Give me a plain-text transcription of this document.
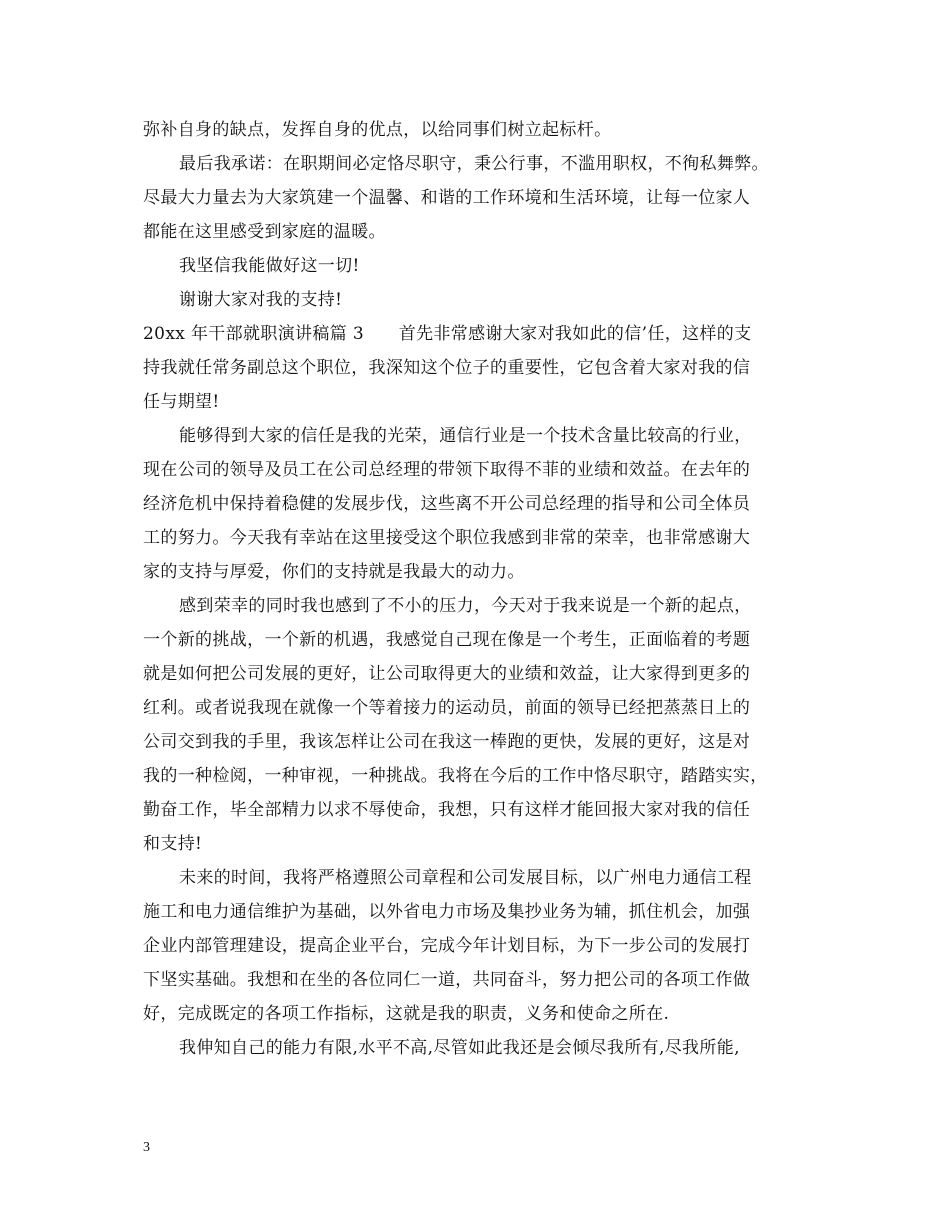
弥补自身的缺点，发挥自身的优点，以给同事们树立起标杆。
最后我承诺：在职期间必定恪尽职守，秉公行事，不滥用职权，不徇私舞弊。
尽最大力量去为大家筑建一个温馨、和谐的工作环境和生活环境，让每一位家人
都能在这里感受到家庭的温暖。
我坚信我能做好这一切!
谢谢大家对我的支持!
20xx 年干部就职演讲稿篇 3　　首先非常感谢大家对我如此的信’任，这样的支
持我就任常务副总这个职位，我深知这个位子的重要性，它包含着大家对我的信
任与期望!
能够得到大家的信任是我的光荣，通信行业是一个技术含量比较高的行业，
现在公司的领导及员工在公司总经理的带领下取得不菲的业绩和效益。在去年的
经济危机中保持着稳健的发展步伐，这些离不开公司总经理的指导和公司全体员
工的努力。今天我有幸站在这里接受这个职位我感到非常的荣幸，也非常感谢大
家的支持与厚爱，你们的支持就是我最大的动力。
感到荣幸的同时我也感到了不小的压力，今天对于我来说是一个新的起点，
一个新的挑战，一个新的机遇，我感觉自己现在像是一个考生，正面临着的考题
就是如何把公司发展的更好，让公司取得更大的业绩和效益，让大家得到更多的
红利。或者说我现在就像一个等着接力的运动员，前面的领导已经把蒸蒸日上的
公司交到我的手里，我该怎样让公司在我这一棒跑的更快，发展的更好，这是对
我的一种检阅，一种审视，一种挑战。我将在今后的工作中恪尽职守，踏踏实实，
勤奋工作，毕全部精力以求不辱使命，我想，只有这样才能回报大家对我的信任
和支持!
未来的时间，我将严格遵照公司章程和公司发展目标，以广州电力通信工程
施工和电力通信维护为基础，以外省电力市场及集抄业务为辅，抓住机会，加强
企业内部管理建设，提高企业平台，完成今年计划目标，为下一步公司的发展打
下坚实基础。我想和在坐的各位同仁一道，共同奋斗，努力把公司的各项工作做
好，完成既定的各项工作指标，这就是我的职责，义务和使命之所在.
我伸知自己的能力有限,水平不高,尽管如此我还是会倾尽我所有,尽我所能,
3
